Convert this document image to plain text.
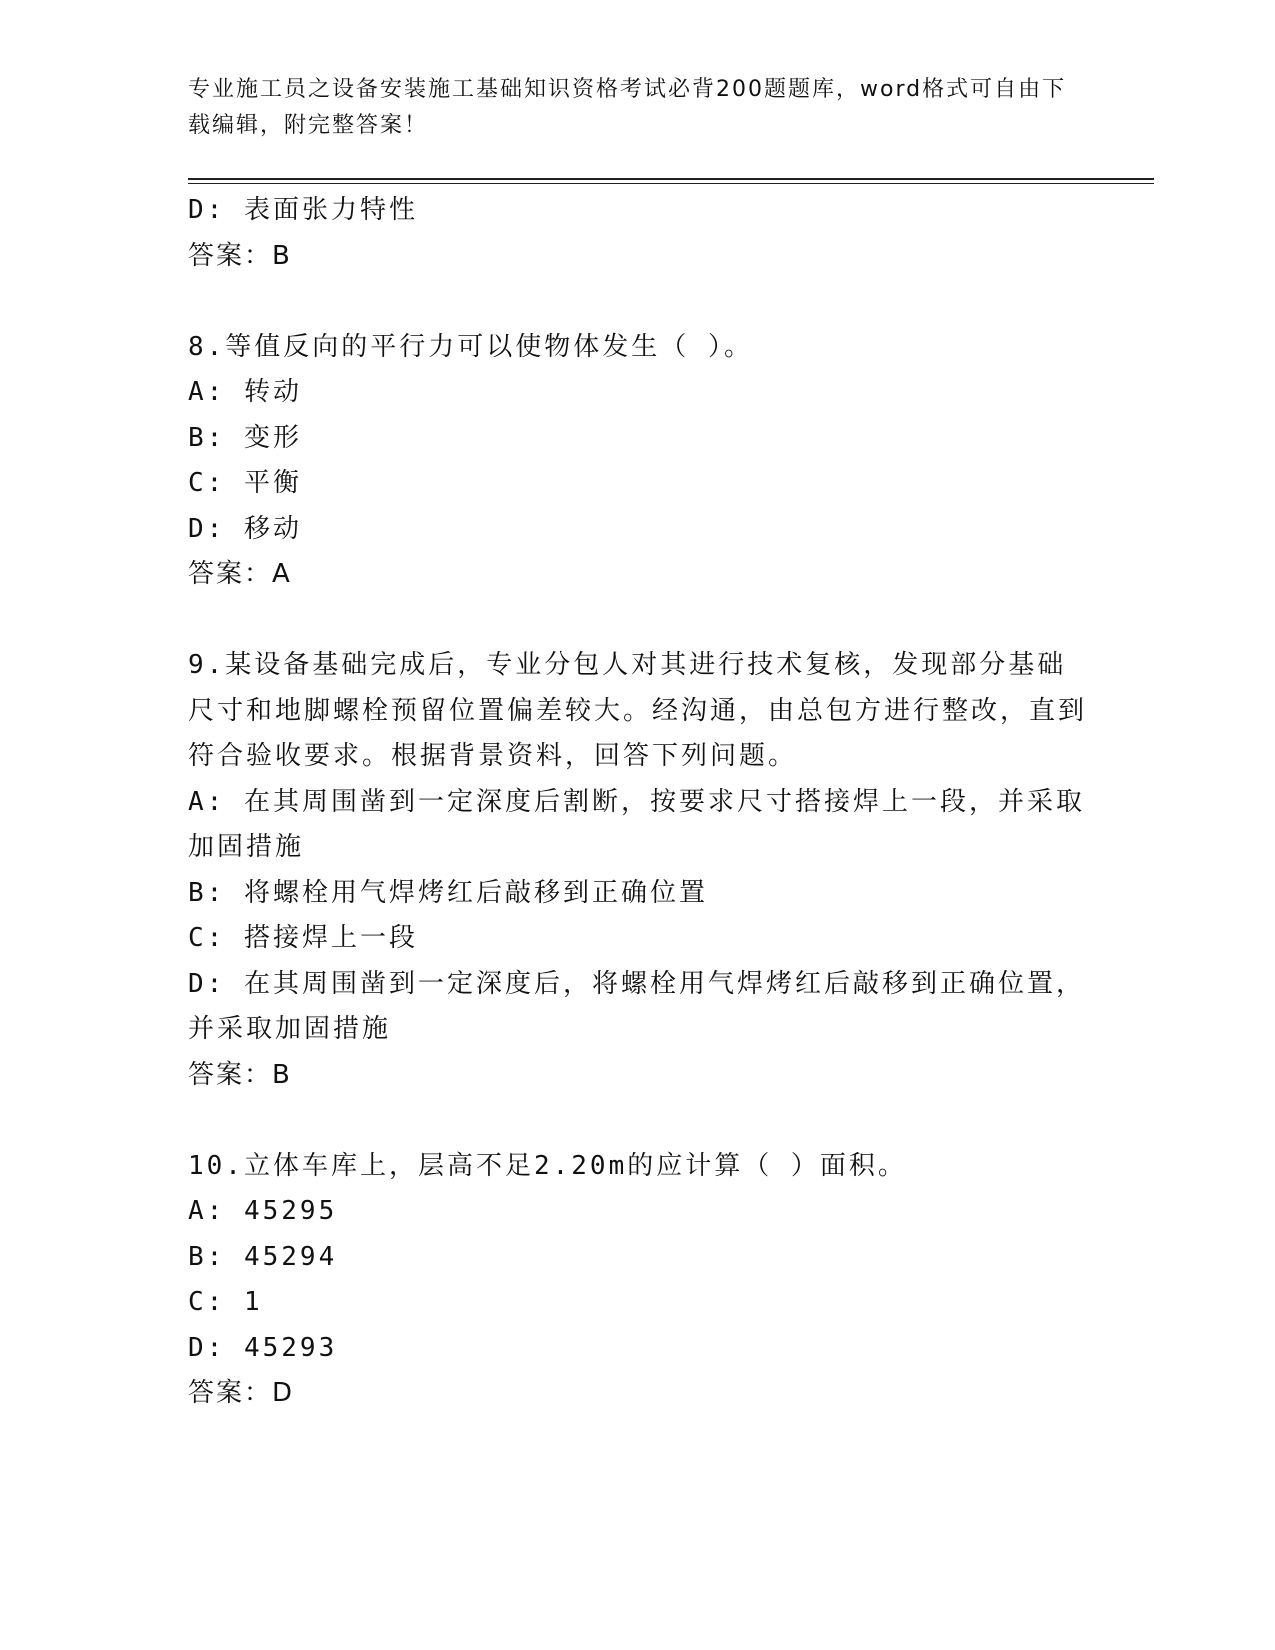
专业施工员之设备安装施工基础知识资格考试必背200题题库，word格式可自由下载编辑，附完整答案！

D: 表面张力特性

答案：B

8.等值反向的平行力可以使物体发生（ ）。

A: 转动

B: 变形

C: 平衡

D: 移动

答案：A

9.某设备基础完成后，专业分包人对其进行技术复核，发现部分基础尺寸和地脚螺栓预留位置偏差较大。经沟通，由总包方进行整改，直到符合验收要求。根据背景资料，回答下列问题。

A: 在其周围凿到一定深度后割断，按要求尺寸搭接焊上一段，并采取加固措施

B: 将螺栓用气焊烤红后敲移到正确位置

C: 搭接焊上一段

D: 在其周围凿到一定深度后，将螺栓用气焊烤红后敲移到正确位置，并采取加固措施

答案：B

10.立体车库上，层高不足2.20m的应计算（ ）面积。

A: 45295

B: 45294

C: 1

D: 45293

答案：D
